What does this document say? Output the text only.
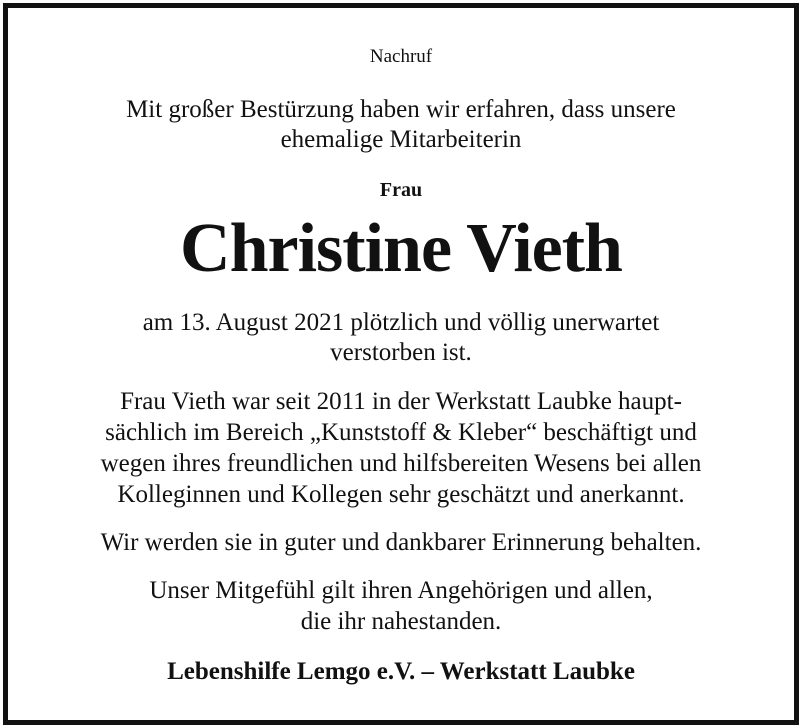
Nachruf
Mit großer Bestürzung haben wir erfahren, dass unsere
ehemalige Mitarbeiterin
Frau
Christine Vieth
am 13. August 2021 plötzlich und völlig unerwartet
verstorben ist.
Frau Vieth war seit 2011 in der Werkstatt Laubke haupt-
sächlich im Bereich „Kunststoff & Kleber“ beschäftigt und
wegen ihres freundlichen und hilfsbereiten Wesens bei allen
Kolleginnen und Kollegen sehr geschätzt und anerkannt.
Wir werden sie in guter und dankbarer Erinnerung behalten.
Unser Mitgefühl gilt ihren Angehörigen und allen,
die ihr nahestanden.
Lebenshilfe Lemgo e.V. – Werkstatt Laubke
